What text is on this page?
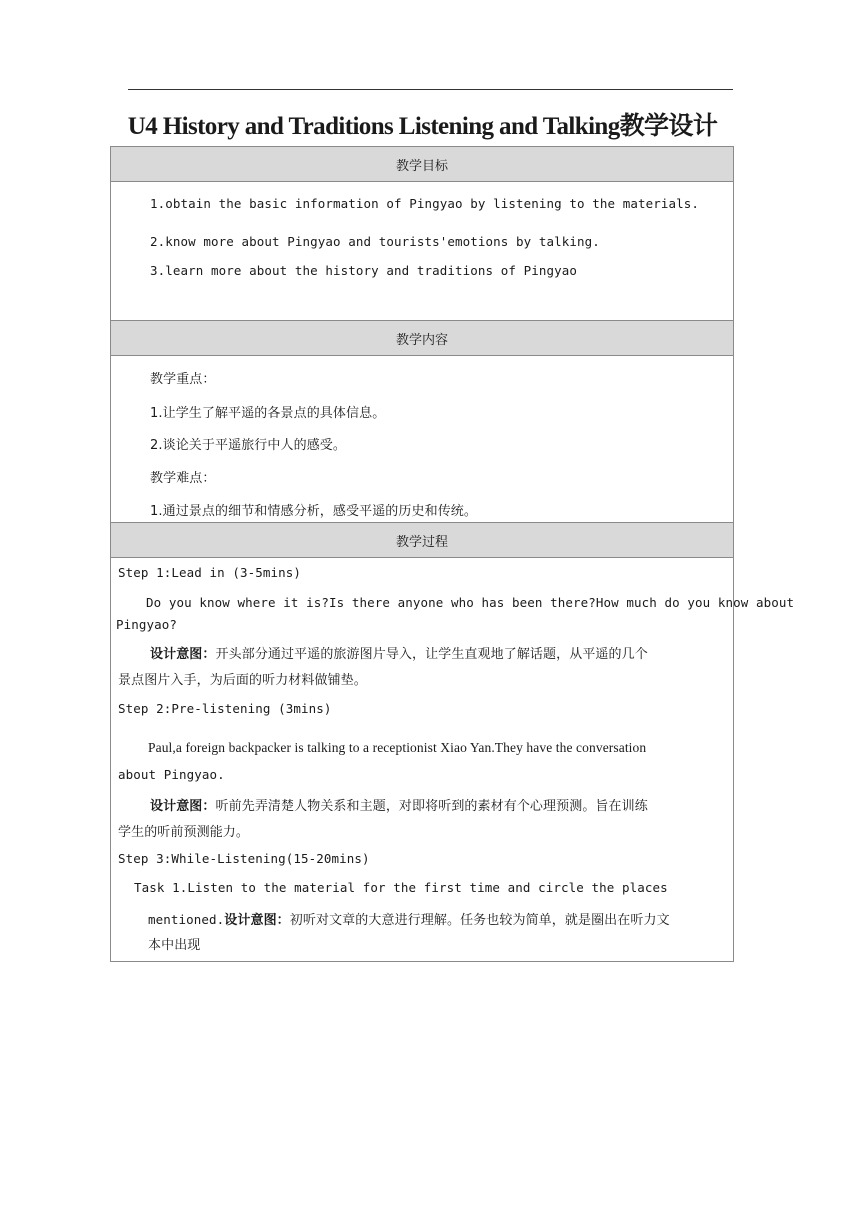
U4 History and Traditions Listening and Talking教学设计
教学目标
1.obtain the basic information of Pingyao by listening to the materials.
2.know more about Pingyao and tourists'emotions by talking.
3.learn more about the history and traditions of Pingyao
教学内容
教学重点：
1.让学生了解平遥的各景点的具体信息。
2.谈论关于平遥旅行中人的感受。
教学难点：
1.通过景点的细节和情感分析，感受平遥的历史和传统。
教学过程
Step 1:Lead in (3-5mins)
Do you know where it is?Is there anyone who has been there?How much do you know about
Pingyao?
设计意图：开头部分通过平遥的旅游图片导入，让学生直观地了解话题，从平遥的几个
景点图片入手，为后面的听力材料做铺垫。
Step 2:Pre-listening (3mins)
Paul,a foreign backpacker is talking to a receptionist Xiao Yan.They have the conversation
about Pingyao.
设计意图：听前先弄清楚人物关系和主题，对即将听到的素材有个心理预测。旨在训练
学生的听前预测能力。
Step 3:While-Listening(15-20mins)
Task 1.Listen to the material for the first time and circle the places
mentioned.设计意图：初听对文章的大意进行理解。任务也较为简单，就是圈出在听力文
本中出现
